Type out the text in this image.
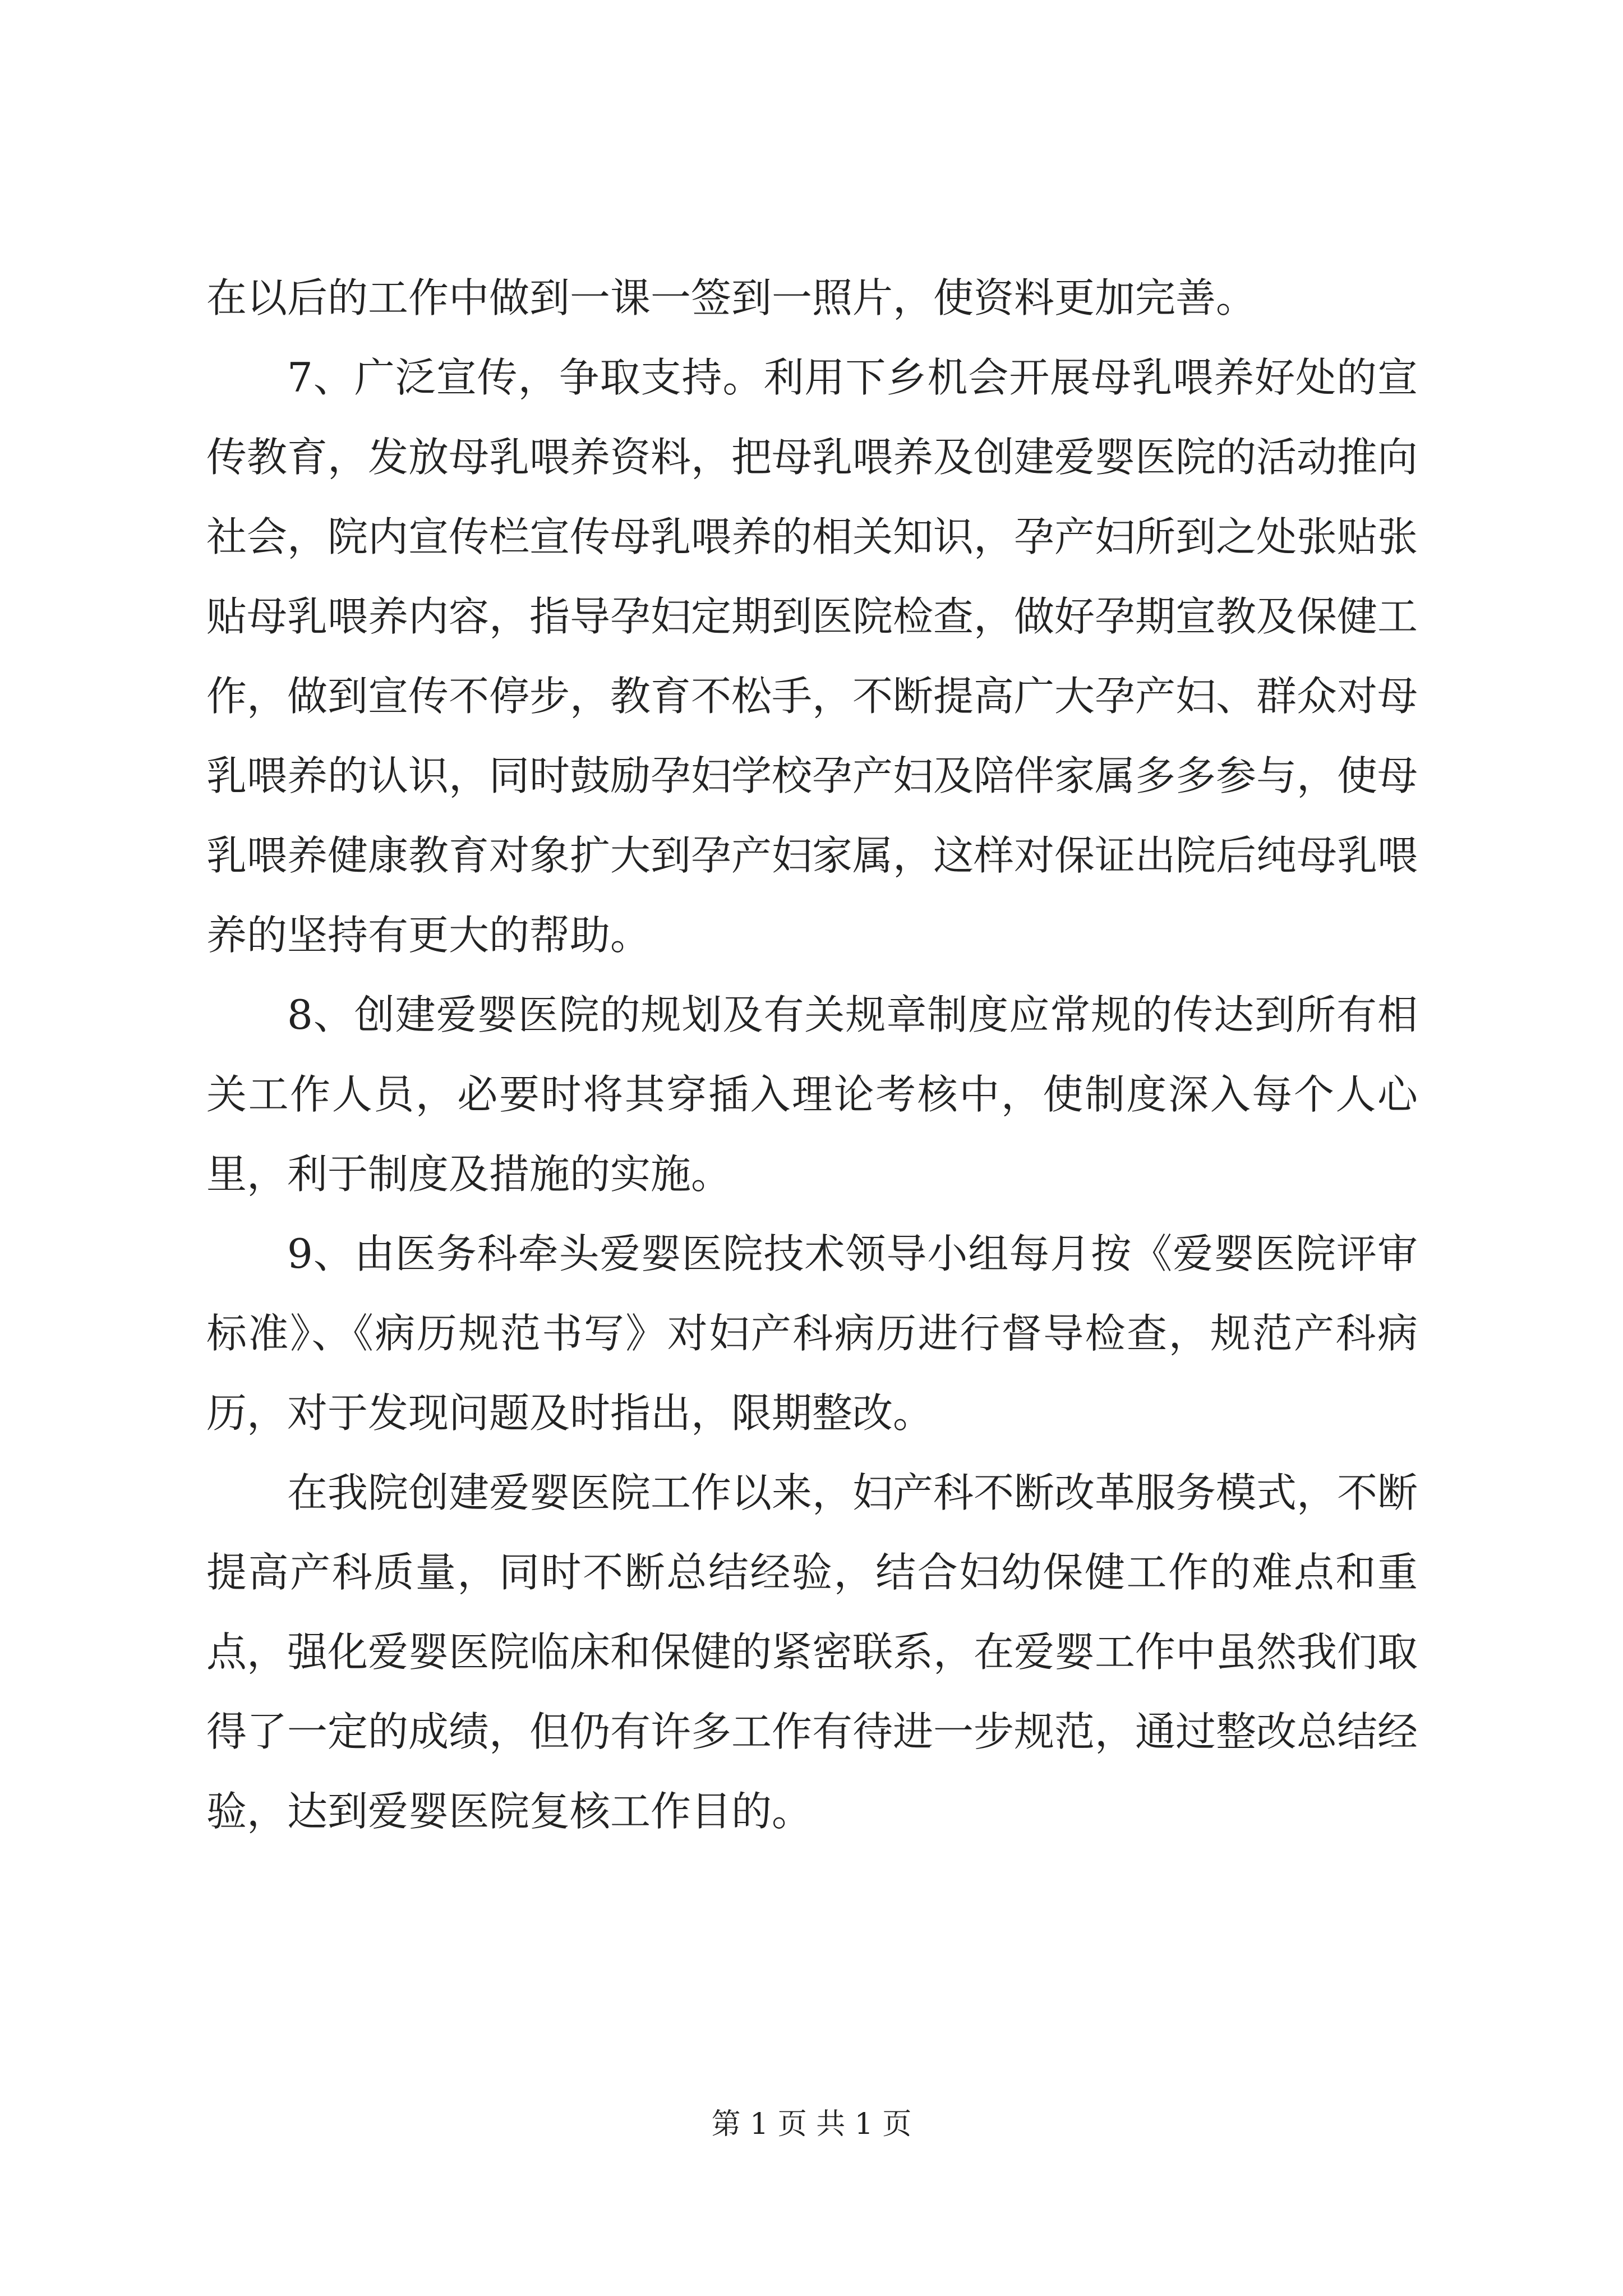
在以后的工作中做到一课一签到一照片，使资料更加完善。

7、广泛宣传，争取支持。利用下乡机会开展母乳喂养好处的宣传教育，发放母乳喂养资料，把母乳喂养及创建爱婴医院的活动推向社会，院内宣传栏宣传母乳喂养的相关知识，孕产妇所到之处张贴张贴母乳喂养内容，指导孕妇定期到医院检查，做好孕期宣教及保健工作，做到宣传不停步，教育不松手，不断提高广大孕产妇、群众对母乳喂养的认识，同时鼓励孕妇学校孕产妇及陪伴家属多多参与，使母乳喂养健康教育对象扩大到孕产妇家属，这样对保证出院后纯母乳喂养的坚持有更大的帮助。

8、创建爱婴医院的规划及有关规章制度应常规的传达到所有相关工作人员，必要时将其穿插入理论考核中，使制度深入每个人心里，利于制度及措施的实施。

9、由医务科牵头爱婴医院技术领导小组每月按《爱婴医院评审标准》、《病历规范书写》对妇产科病历进行督导检查，规范产科病历，对于发现问题及时指出，限期整改。

在我院创建爱婴医院工作以来，妇产科不断改革服务模式，不断提高产科质量，同时不断总结经验，结合妇幼保健工作的难点和重点，强化爱婴医院临床和保健的紧密联系，在爱婴工作中虽然我们取得了一定的成绩，但仍有许多工作有待进一步规范，通过整改总结经验，达到爱婴医院复核工作目的。

第 1 页 共 1 页
